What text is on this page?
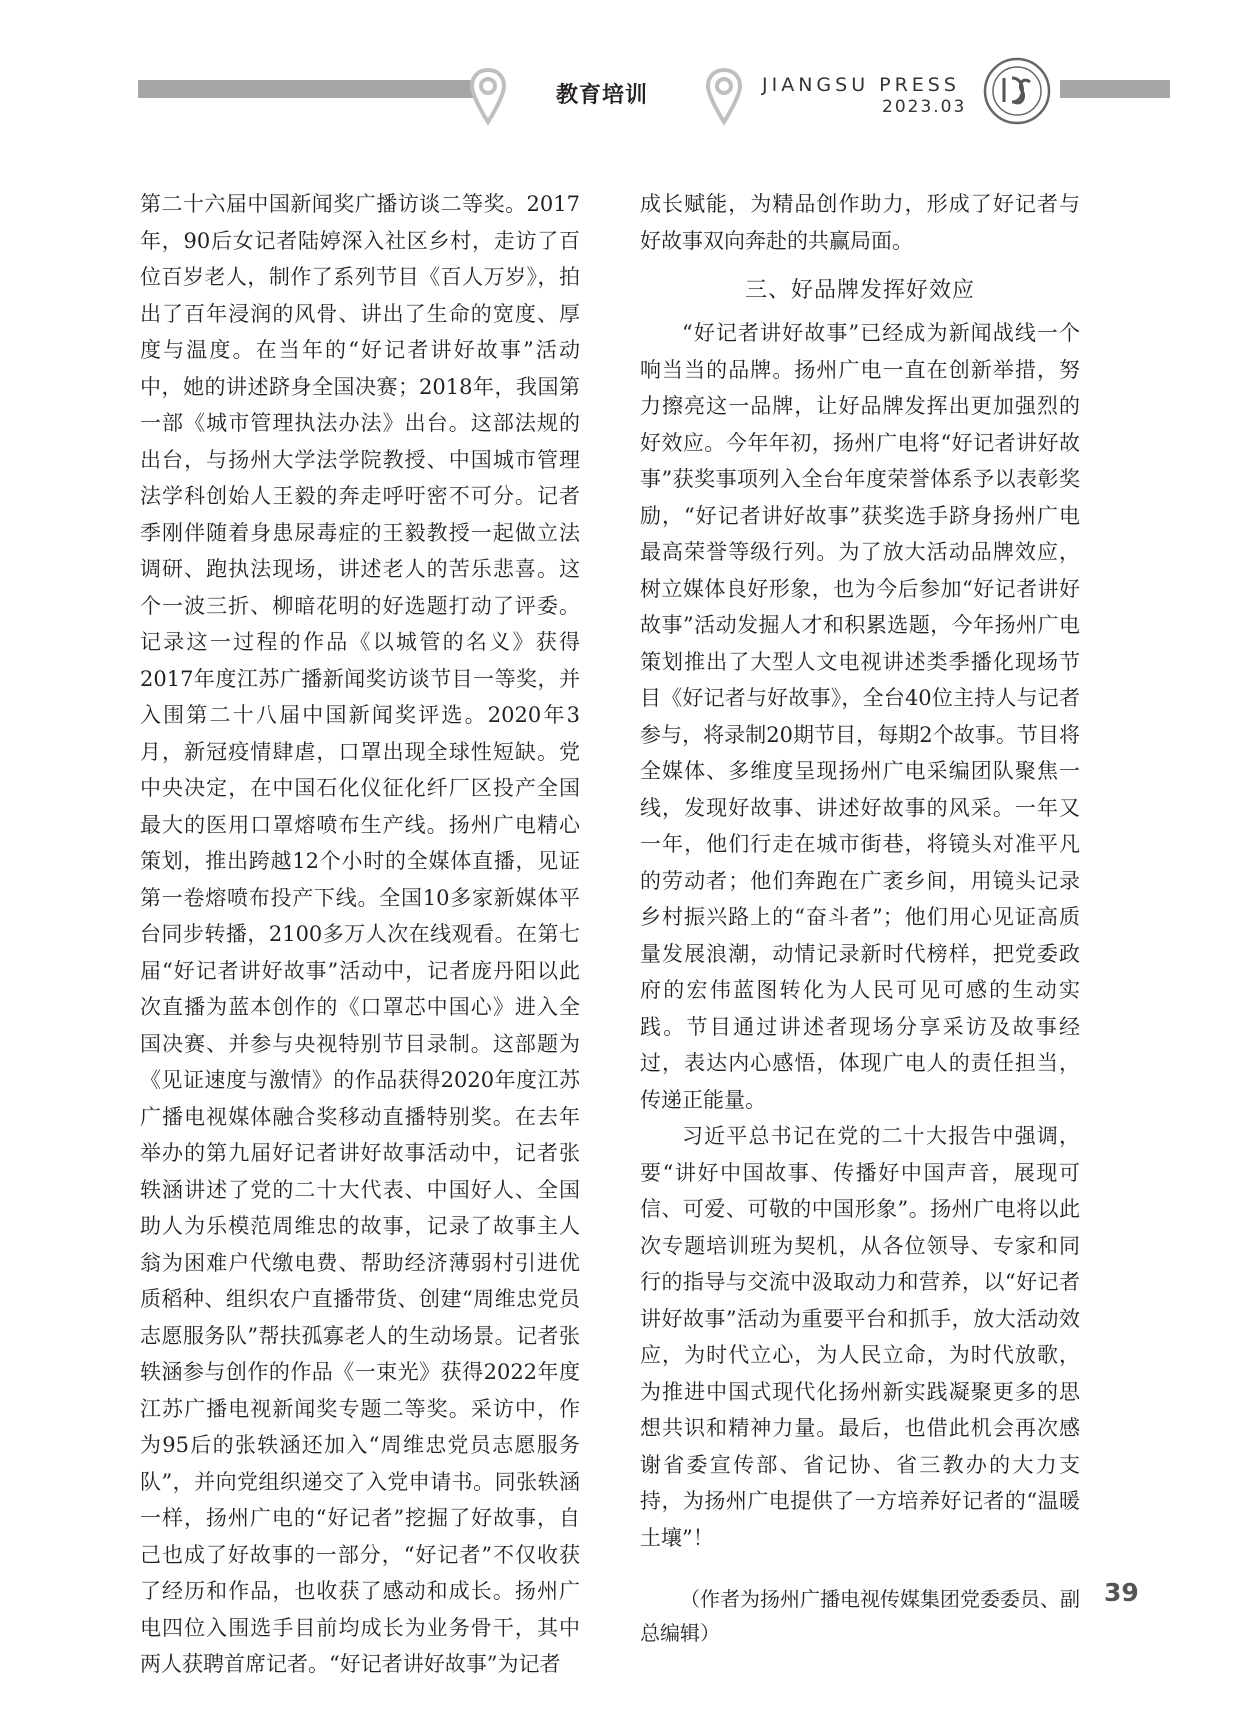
教育培训	JIANGSU PRESS
2023.03

第二十六届中国新闻奖广播访谈二等奖。2017年，90后女记者陆婷深入社区乡村，走访了百位百岁老人，制作了系列节目《百人万岁》，拍出了百年浸润的风骨、讲出了生命的宽度、厚度与温度。在当年的“好记者讲好故事”活动中，她的讲述跻身全国决赛；2018年，我国第一部《城市管理执法办法》出台。这部法规的出台，与扬州大学法学院教授、中国城市管理法学科创始人王毅的奔走呼吁密不可分。记者季刚伴随着身患尿毒症的王毅教授一起做立法调研、跑执法现场，讲述老人的苦乐悲喜。这个一波三折、柳暗花明的好选题打动了评委。记录这一过程的作品《以城管的名义》获得2017年度江苏广播新闻奖访谈节目一等奖，并入围第二十八届中国新闻奖评选。2020年3月，新冠疫情肆虐，口罩出现全球性短缺。党中央决定，在中国石化仪征化纤厂区投产全国最大的医用口罩熔喷布生产线。扬州广电精心策划，推出跨越12个小时的全媒体直播，见证第一卷熔喷布投产下线。全国10多家新媒体平台同步转播，2100多万人次在线观看。在第七届“好记者讲好故事”活动中，记者庞丹阳以此次直播为蓝本创作的《口罩芯中国心》进入全国决赛、并参与央视特别节目录制。这部题为《见证速度与激情》的作品获得2020年度江苏广播电视媒体融合奖移动直播特别奖。在去年举办的第九届好记者讲好故事活动中，记者张轶涵讲述了党的二十大代表、中国好人、全国助人为乐模范周维忠的故事，记录了故事主人翁为困难户代缴电费、帮助经济薄弱村引进优质稻种、组织农户直播带货、创建“周维忠党员志愿服务队”帮扶孤寡老人的生动场景。记者张轶涵参与创作的作品《一束光》获得2022年度江苏广播电视新闻奖专题二等奖。采访中，作为95后的张轶涵还加入“周维忠党员志愿服务队”，并向党组织递交了入党申请书。同张轶涵一样，扬州广电的“好记者”挖掘了好故事，自己也成了好故事的一部分，“好记者”不仅收获了经历和作品，也收获了感动和成长。扬州广电四位入围选手目前均成长为业务骨干，其中两人获聘首席记者。“好记者讲好故事”为记者

成长赋能，为精品创作助力，形成了好记者与好故事双向奔赴的共赢局面。

三、好品牌发挥好效应

“好记者讲好故事”已经成为新闻战线一个响当当的品牌。扬州广电一直在创新举措，努力擦亮这一品牌，让好品牌发挥出更加强烈的好效应。今年年初，扬州广电将“好记者讲好故事”获奖事项列入全台年度荣誉体系予以表彰奖励，“好记者讲好故事”获奖选手跻身扬州广电最高荣誉等级行列。为了放大活动品牌效应，树立媒体良好形象，也为今后参加“好记者讲好故事”活动发掘人才和积累选题，今年扬州广电策划推出了大型人文电视讲述类季播化现场节目《好记者与好故事》，全台40位主持人与记者参与，将录制20期节目，每期2个故事。节目将全媒体、多维度呈现扬州广电采编团队聚焦一线，发现好故事、讲述好故事的风采。一年又一年，他们行走在城市街巷，将镜头对准平凡的劳动者；他们奔跑在广袤乡间，用镜头记录乡村振兴路上的“奋斗者”；他们用心见证高质量发展浪潮，动情记录新时代榜样，把党委政府的宏伟蓝图转化为人民可见可感的生动实践。节目通过讲述者现场分享采访及故事经过，表达内心感悟，体现广电人的责任担当，传递正能量。

习近平总书记在党的二十大报告中强调，要“讲好中国故事、传播好中国声音，展现可信、可爱、可敬的中国形象”。扬州广电将以此次专题培训班为契机，从各位领导、专家和同行的指导与交流中汲取动力和营养，以“好记者讲好故事”活动为重要平台和抓手，放大活动效应，为时代立心，为人民立命，为时代放歌，为推进中国式现代化扬州新实践凝聚更多的思想共识和精神力量。最后，也借此机会再次感谢省委宣传部、省记协、省三教办的大力支持，为扬州广电提供了一方培养好记者的“温暖土壤”！

（作者为扬州广播电视传媒集团党委委员、副总编辑）

39
